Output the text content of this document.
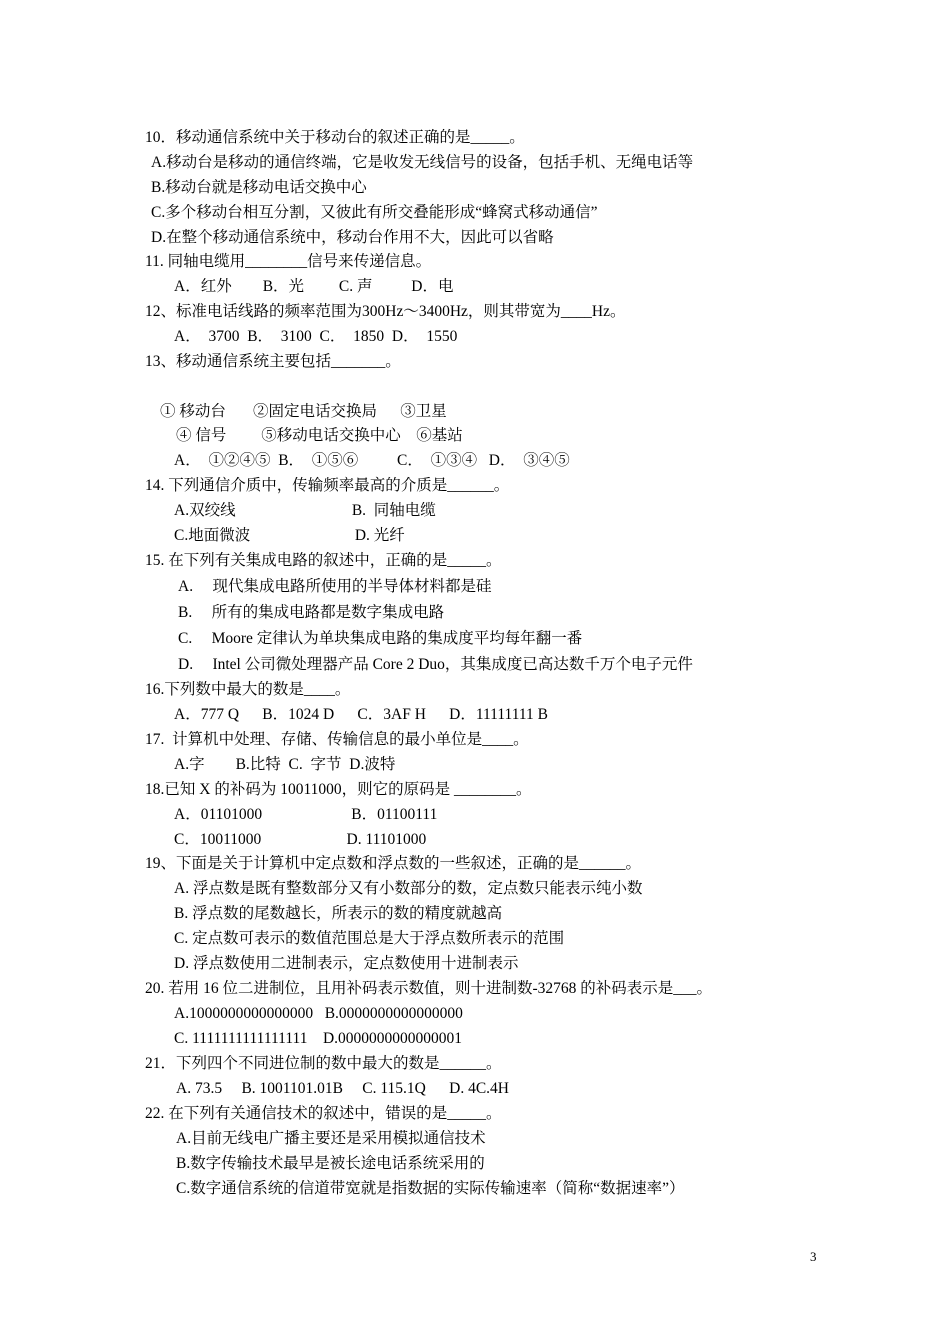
10．移动通信系统中关于移动台的叙述正确的是_____。
A.移动台是移动的通信终端，它是收发无线信号的设备，包括手机、无绳电话等
B.移动台就是移动电话交换中心
C.多个移动台相互分割，又彼此有所交叠能形成“蜂窝式移动通信”
D.在整个移动通信系统中，移动台作用不大，因此可以省略
11. 同轴电缆用________信号来传递信息。
A．红外        B．光         C. 声          D．电
12、标准电话线路的频率范围为300Hz～3400Hz，则其带宽为____Hz。
A．  3700  B．  3100  C．  1850  D．  1550
13、移动通信系统主要包括_______。
① 移动台       ②固定电话交换局      ③卫星
④ 信号         ⑤移动电话交换中心    ⑥基站
A．  ①②④⑤  B．  ①⑤⑥          C．  ①③④   D．  ③④⑤
14. 下列通信介质中，传输频率最高的介质是______。
A.双绞线                              B.  同轴电缆
C.地面微波                           D. 光纤
15. 在下列有关集成电路的叙述中，正确的是_____。
A.     现代集成电路所使用的半导体材料都是硅
B.     所有的集成电路都是数字集成电路
C.     Moore 定律认为单块集成电路的集成度平均每年翻一番
D.     Intel 公司微处理器产品 Core 2 Duo，其集成度已高达数千万个电子元件
16.下列数中最大的数是____。
A．777 Q      B．1024 D      C．3AF H      D．11111111 B
17.  计算机中处理、存储、传输信息的最小单位是____。
A.字        B.比特  C.  字节  D.波特
18.已知 X 的补码为 10011000，则它的原码是 ________。
A．01101000                       B．01100111
C．10011000                      D. 11101000
19、下面是关于计算机中定点数和浮点数的一些叙述，正确的是______。
A. 浮点数是既有整数部分又有小数部分的数，定点数只能表示纯小数
B. 浮点数的尾数越长，所表示的数的精度就越高
C. 定点数可表示的数值范围总是大于浮点数所表示的范围
D. 浮点数使用二进制表示，定点数使用十进制表示
20. 若用 16 位二进制位，且用补码表示数值，则十进制数-32768 的补码表示是___。
A.1000000000000000   B.0000000000000000
C. 1111111111111111    D.0000000000000001
21．下列四个不同进位制的数中最大的数是______。
A. 73.5     B. 1001101.01B     C. 115.1Q      D. 4C.4H
22. 在下列有关通信技术的叙述中，错误的是_____。
A.目前无线电广播主要还是采用模拟通信技术
B.数字传输技术最早是被长途电话系统采用的
C.数字通信系统的信道带宽就是指数据的实际传输速率（简称“数据速率”）
3
